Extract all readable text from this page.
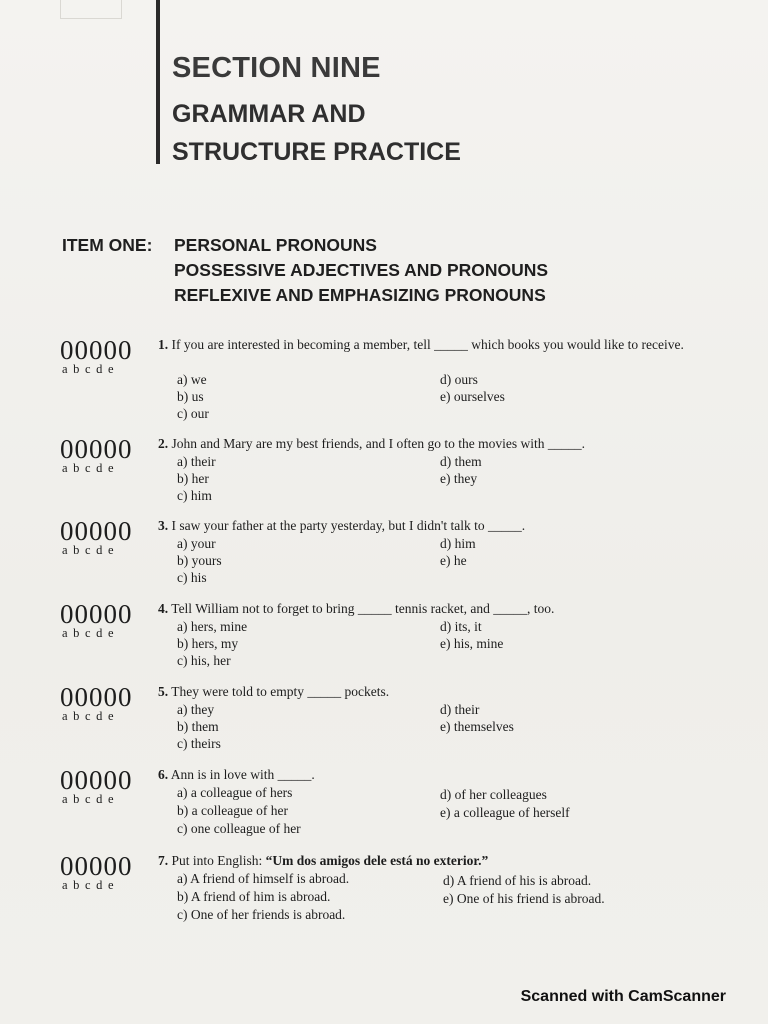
SECTION NINE
GRAMMAR AND
STRUCTURE PRACTICE
ITEM ONE: PERSONAL PRONOUNS
POSSESSIVE ADJECTIVES AND PRONOUNS
REFLEXIVE AND EMPHASIZING PRONOUNS
00000
abcde
1. If you are interested in becoming a member, tell _____ which books you would like to receive.
a) we
b) us
c) our
d) ours
e) ourselves
00000
abcde
2. John and Mary are my best friends, and I often go to the movies with _____.
a) their
b) her
c) him
d) them
e) they
00000
abcde
3. I saw your father at the party yesterday, but I didn't talk to _____.
a) your
b) yours
c) his
d) him
e) he
00000
abcde
4. Tell William not to forget to bring _____ tennis racket, and _____, too.
a) hers, mine
b) hers, my
c) his, her
d) its, it
e) his, mine
00000
abcde
5. They were told to empty _____ pockets.
a) they
b) them
c) theirs
d) their
e) themselves
00000
abcde
6. Ann is in love with _____.
a) a colleague of hers
b) a colleague of her
c) one colleague of her
d) of her colleagues
e) a colleague of herself
00000
abcde
7. Put into English: “Um dos amigos dele está no exterior.”
a) A friend of himself is abroad.
b) A friend of him is abroad.
c) One of her friends is abroad.
d) A friend of his is abroad.
e) One of his friend is abroad.
Scanned with CamScanner
